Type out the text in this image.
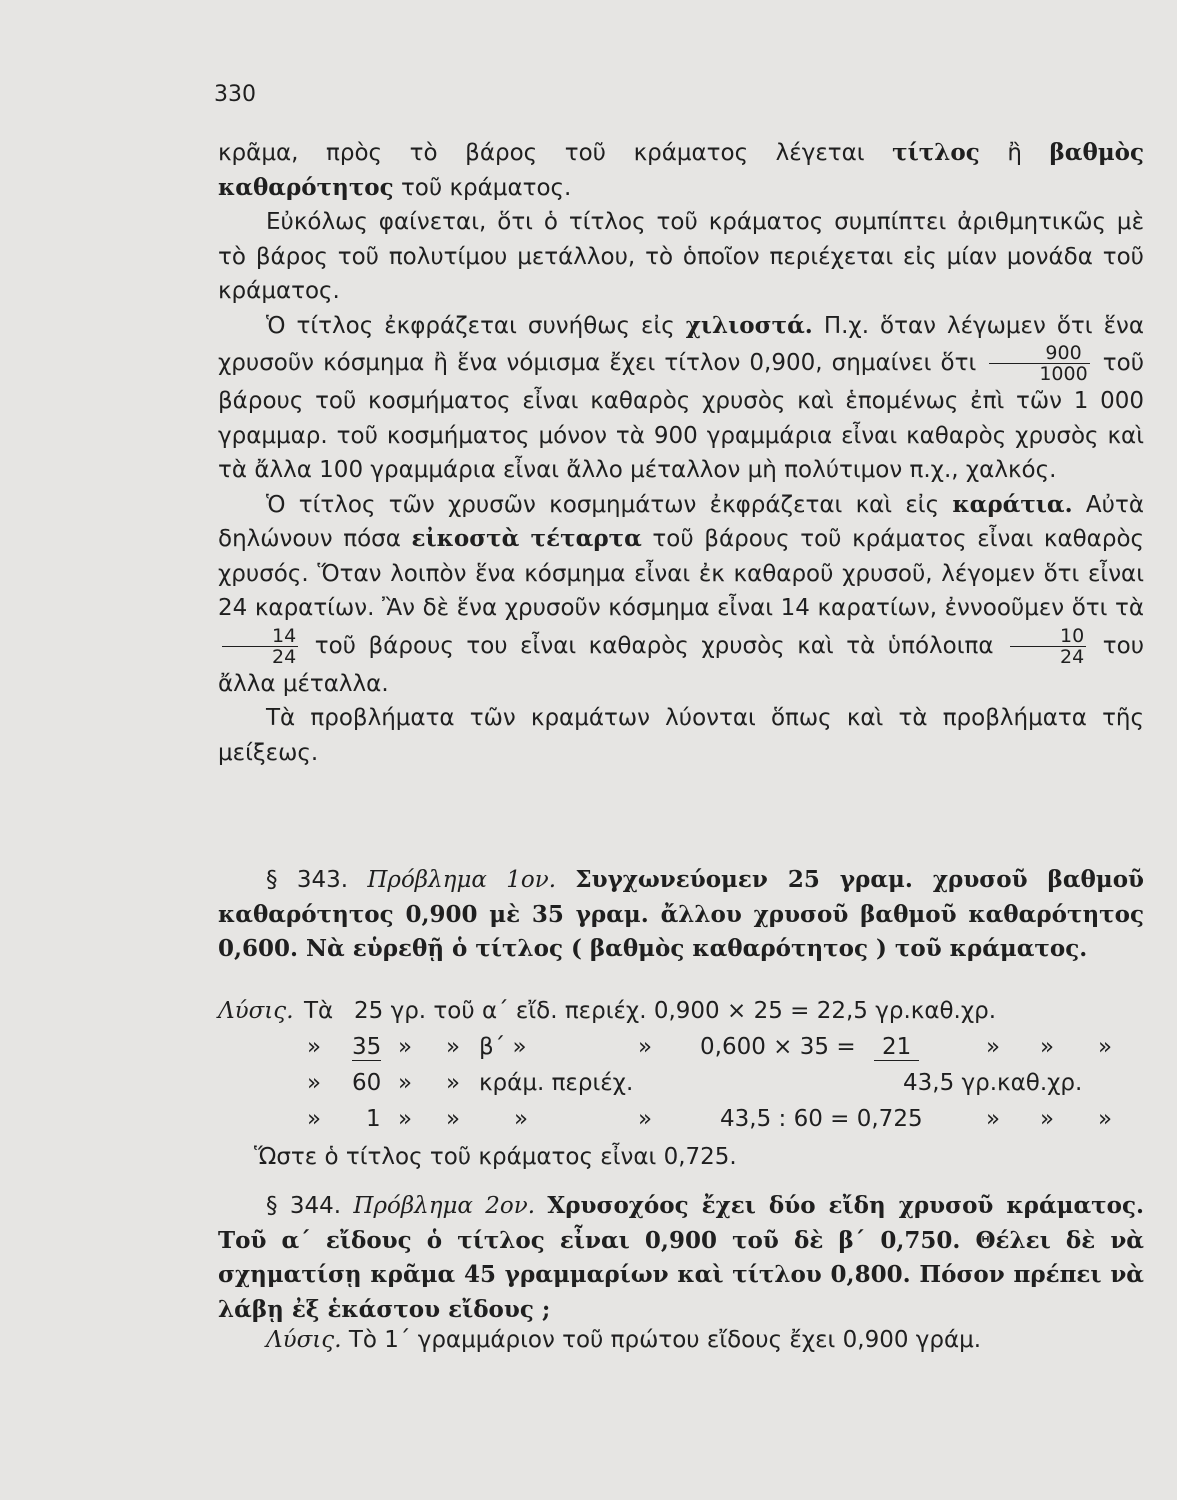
330

κρᾶμα, πρὸς τὸ βάρος τοῦ κράματος λέγεται τίτλος ἢ βαθμὸς καθαρότητος τοῦ κράματος.

Εὐκόλως φαίνεται, ὅτι ὁ τίτλος τοῦ κράματος συμπίπτει ἀριθμητικῶς μὲ τὸ βάρος τοῦ πολυτίμου μετάλλου, τὸ ὁποῖον περιέχεται εἰς μίαν μονάδα τοῦ κράματος.

Ὁ τίτλος ἐκφράζεται συνήθως εἰς χιλιοστά. Π.χ. ὅταν λέγωμεν ὅτι ἕνα χρυσοῦν κόσμημα ἢ ἕνα νόμισμα ἔχει τίτλον 0,900, σημαίνει ὅτι $\frac{900}{1000}$ τοῦ βάρους τοῦ κοσμήματος εἶναι καθαρὸς χρυσὸς καὶ ἑπομένως ἐπὶ τῶν 1 000 γραμμαρ. τοῦ κοσμήματος μόνον τὰ 900 γραμμάρια εἶναι καθαρὸς χρυσὸς καὶ τὰ ἄλλα 100 γραμμάρια εἶναι ἄλλο μέταλλον μὴ πολύτιμον π.χ., χαλκός.

Ὁ τίτλος τῶν χρυσῶν κοσμημάτων ἐκφράζεται καὶ εἰς καράτια. Αὐτὰ δηλώνουν πόσα εἰκοστὰ τέταρτα τοῦ βάρους τοῦ κράματος εἶναι καθαρὸς χρυσός. Ὅταν λοιπὸν ἕνα κόσμημα εἶναι ἐκ καθαροῦ χρυσοῦ, λέγομεν ὅτι εἶναι 24 καρατίων. Ἂν δὲ ἕνα χρυσοῦν κόσμημα εἶναι 14 καρατίων, ἐννοοῦμεν ὅτι τὰ
$\frac{14}{24}$ τοῦ βάρους του εἶναι καθαρὸς χρυσὸς καὶ τὰ ὑπόλοιπα $\frac{10}{24}$ του ἄλλα μέταλλα.

Τὰ προβλήματα τῶν κραμάτων λύονται ὅπως καὶ τὰ προβλήματα τῆς μείξεως.

§ 343. Πρόβλημα 1ον. Συγχωνεύομεν 25 γραμ. χρυσοῦ βαθμοῦ καθαρότητος 0,900 μὲ 35 γραμ. ἄλλου χρυσοῦ βαθμοῦ καθαρότητος 0,600. Νὰ εὑρεθῇ ὁ τίτλος ( βαθμὸς καθαρότητος ) τοῦ κράματος.
Λύσις. Τὰ 25 γρ. τοῦ α΄ εἴδ. περιέχ. 0,900 × 25 = 22,5 γρ.καθ.χρ.
» 35 » » β΄ »	» 0,600 × 35 =	21	» » »
» 60 » » κράμ. περιέχ.	43,5 γρ.καθ.χρ.
» 1 » » »	»	43,5 : 60 = 0,725	» » »
Ὥστε ὁ τίτλος τοῦ κράματος εἶναι 0,725.
§ 344. Πρόβλημα 2ον. Χρυσοχόος ἔχει δύο εἴδη χρυσοῦ κράματος. Τοῦ α΄ εἴδους ὁ τίτλος εἶναι 0,900 τοῦ δὲ β΄ 0,750. Θέλει δὲ νὰ σχηματίσῃ κρᾶμα 45 γραμμαρίων καὶ τίτλου 0,800. Πόσον πρέπει νὰ λάβῃ ἐξ ἑκάστου εἴδους ;
Λύσις. Τὸ 1΄ γραμμάριον τοῦ πρώτου εἴδους ἔχει 0,900 γράμ.
